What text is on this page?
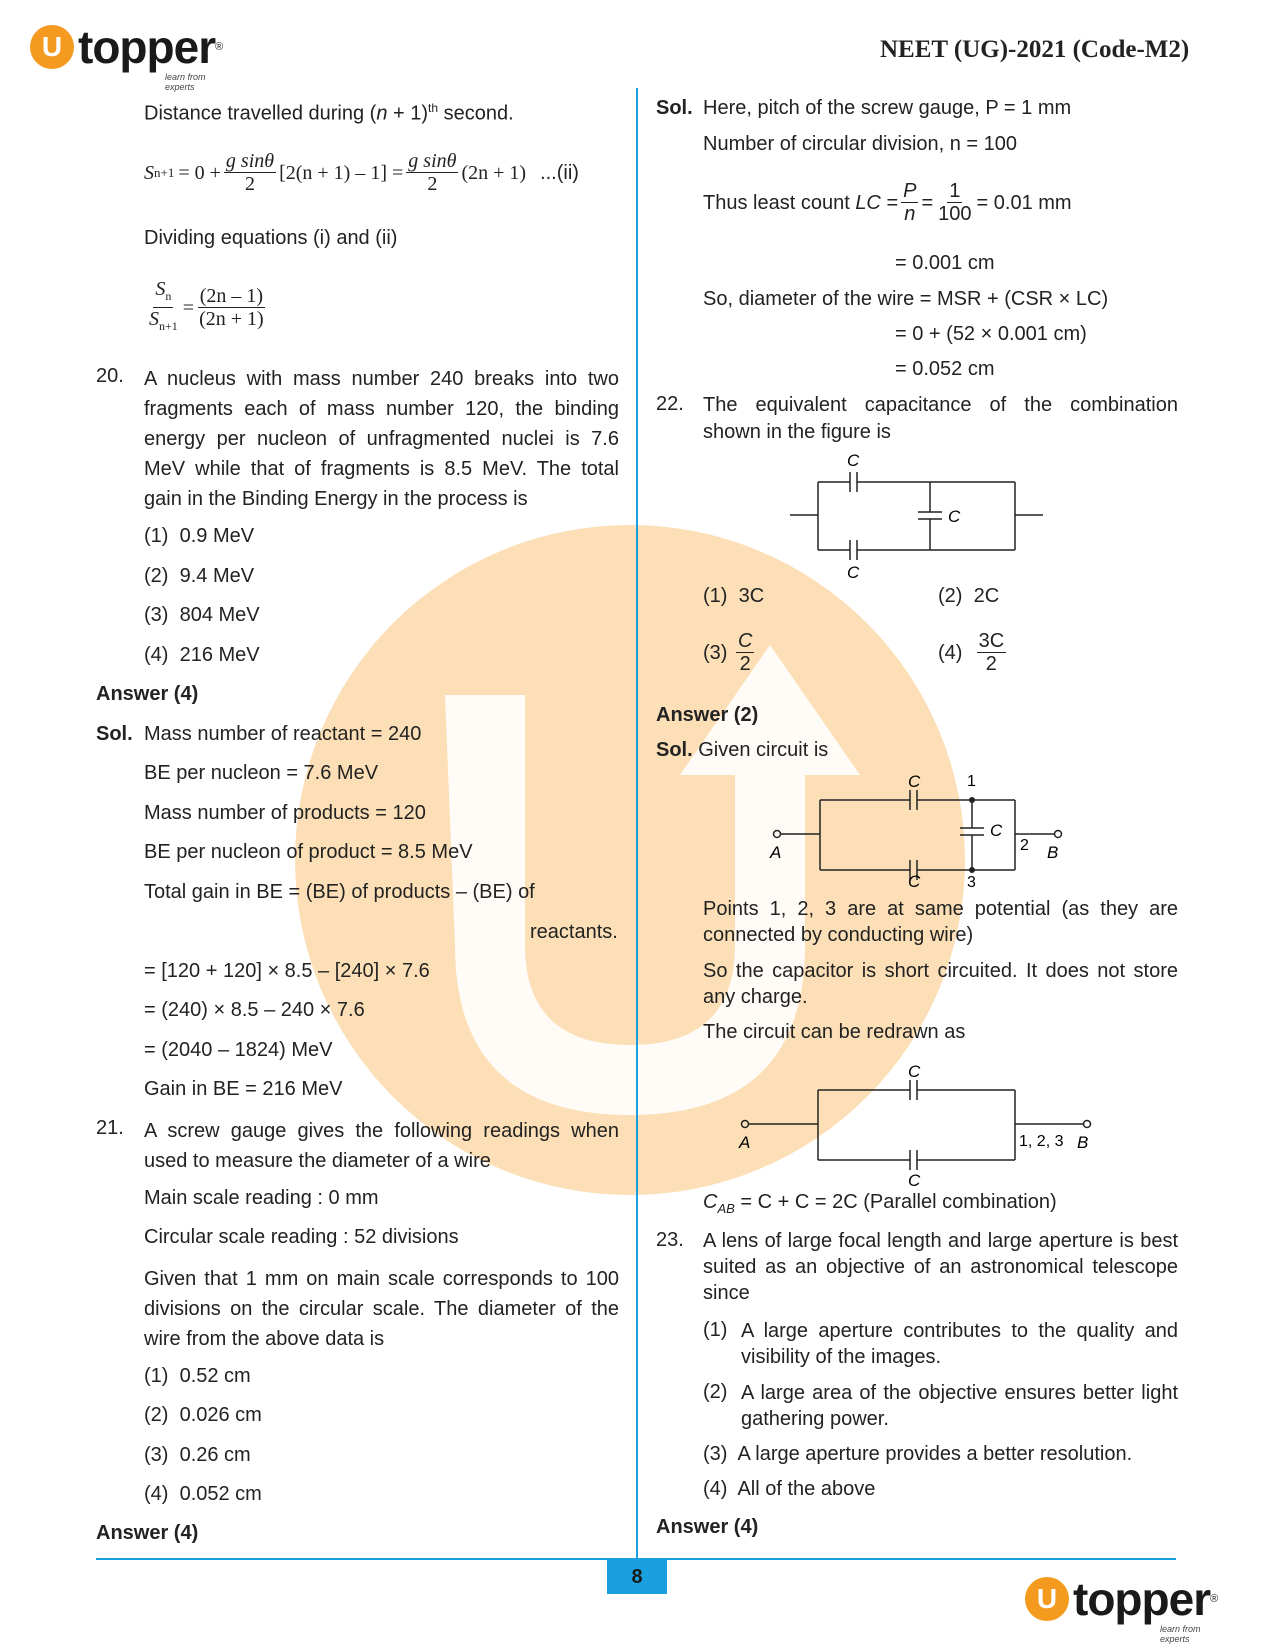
U topper ®
learn from experts
NEET (UG)-2021 (Code-M2)
Distance travelled during $(n + 1)^{th}$ second.
S $n+1 = 0 + \frac{\text{g sinθ}}{2} [2(n + 1) - 1] = \frac{\text{g sinθ}}{2} (2n + 1)$ ...(ii)
Dividing equations (i) and (ii)
$\frac{S_n}{S_{n+1}} = \frac{(2n - 1)}{(2n + 1)}$
20. A nucleus with mass number 240 breaks into two fragments each of mass number 120, the binding energy per nucleon of unfragmented nuclei is 7.6 MeV while that of fragments is 8.5 MeV. The total gain in the Binding Energy in the process is
(1) 0.9 MeV
(2) 9.4 MeV
(3) 804 MeV
(4) 216 MeV
Answer (4)
Sol. Mass number of reactant = 240
BE per nucleon = 7.6 MeV
Mass number of products = 120
BE per nucleon of product = 8.5 MeV
Total gain in BE = (BE) of products – (BE) of
reactants.
= [120 + 120] × 8.5 – [240] × 7.6
= (240) × 8.5 – 240 × 7.6
= (2040 – 1824) MeV
Gain in BE = 216 MeV
21. A screw gauge gives the following readings when used to measure the diameter of a wire
Main scale reading : 0 mm
Circular scale reading : 52 divisions
Given that 1 mm on main scale corresponds to 100 divisions on the circular scale. The diameter of the wire from the above data is
(1) 0.52 cm
(2) 0.026 cm
(3) 0.26 cm
(4) 0.052 cm
Answer (4)
Sol. Here, pitch of the screw gauge, P = 1 mm
Number of circular division, n = 100
Thus least count
LC
= $\frac{P}{n} = \frac{1}{100} = 0.01$ mm
= 0.001 cm
So, diameter of the wire = MSR + (CSR × LC)
= 0 + (52 × 0.001 cm)
= 0.052 cm
22. The equivalent capacitance of the combination shown in the figure is
C
C
C
(1) 3C	(2) 2C
(3)
$\frac{C}{2}$	(4)
$\frac{3C}{2}$
Answer (2)
Sol. Given circuit is
A	B
C
C
C
1
2
3
Points 1, 2, 3 are at same potential (as they are connected by conducting wire)
So the capacitor is short circuited. It does not store any charge.
The circuit can be redrawn as
A	B
C
C
1, 2, 3
$C_{AB} = C + C = 2C$ (Parallel combination)
23. A lens of large focal length and large aperture is best suited as an objective of an astronomical telescope since
(1) A large aperture contributes to the quality and visibility of the images.
(2) A large area of the objective ensures better light gathering power.
(3) A large aperture provides a better resolution.
(4) All of the above
Answer (4)
8
U topper ®
learn from experts
